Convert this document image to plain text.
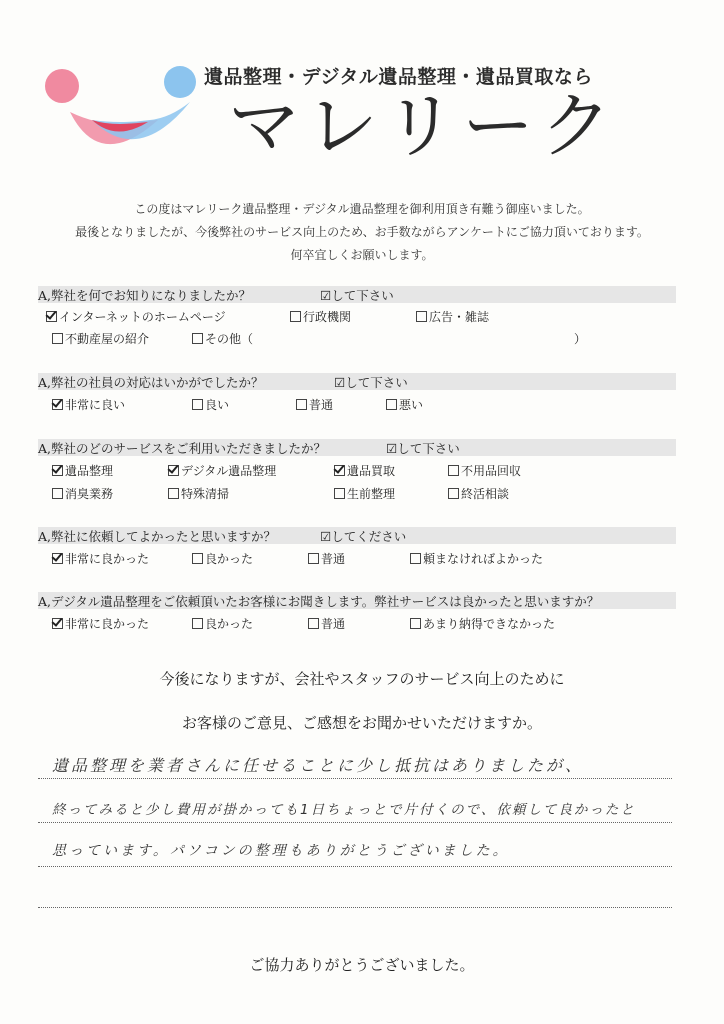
遺品整理・デジタル遺品整理・遺品買取なら
マレリーク
この度はマレリーク遺品整理・デジタル遺品整理を御利用頂き有難う御座いました。
最後となりましたが、今後弊社のサービス向上のため、お手数ながらアンケートにご協力頂いております。
何卒宜しくお願いします。
A,弊社を何でお知りになりましたか？	☑して下さい
インターネットのホームページ	行政機関	広告・雑誌
不動産屋の紹介	その他（	）
A,弊社の社員の対応はいかがでしたか？	☑して下さい
非常に良い	良い	普通	悪い
A,弊社のどのサービスをご利用いただきましたか？	☑して下さい
遺品整理	デジタル遺品整理	遺品買取	不用品回収
消臭業務	特殊清掃	生前整理	終活相談
A,弊社に依頼してよかったと思いますか？	☑してください
非常に良かった	良かった	普通	頼まなければよかった
A,デジタル遺品整理をご依頼頂いたお客様にお聞きします。弊社サービスは良かったと思いますか？
非常に良かった	良かった	普通	あまり納得できなかった
今後になりますが、会社やスタッフのサービス向上のために
お客様のご意見、ご感想をお聞かせいただけますか。
遺品整理を業者さんに任せることに少し抵抗はありましたが、
終ってみると少し費用が掛かっても1日ちょっとで片付くので、依頼して良かったと
思っています。パソコンの整理もありがとうございました。
ご協力ありがとうございました。
